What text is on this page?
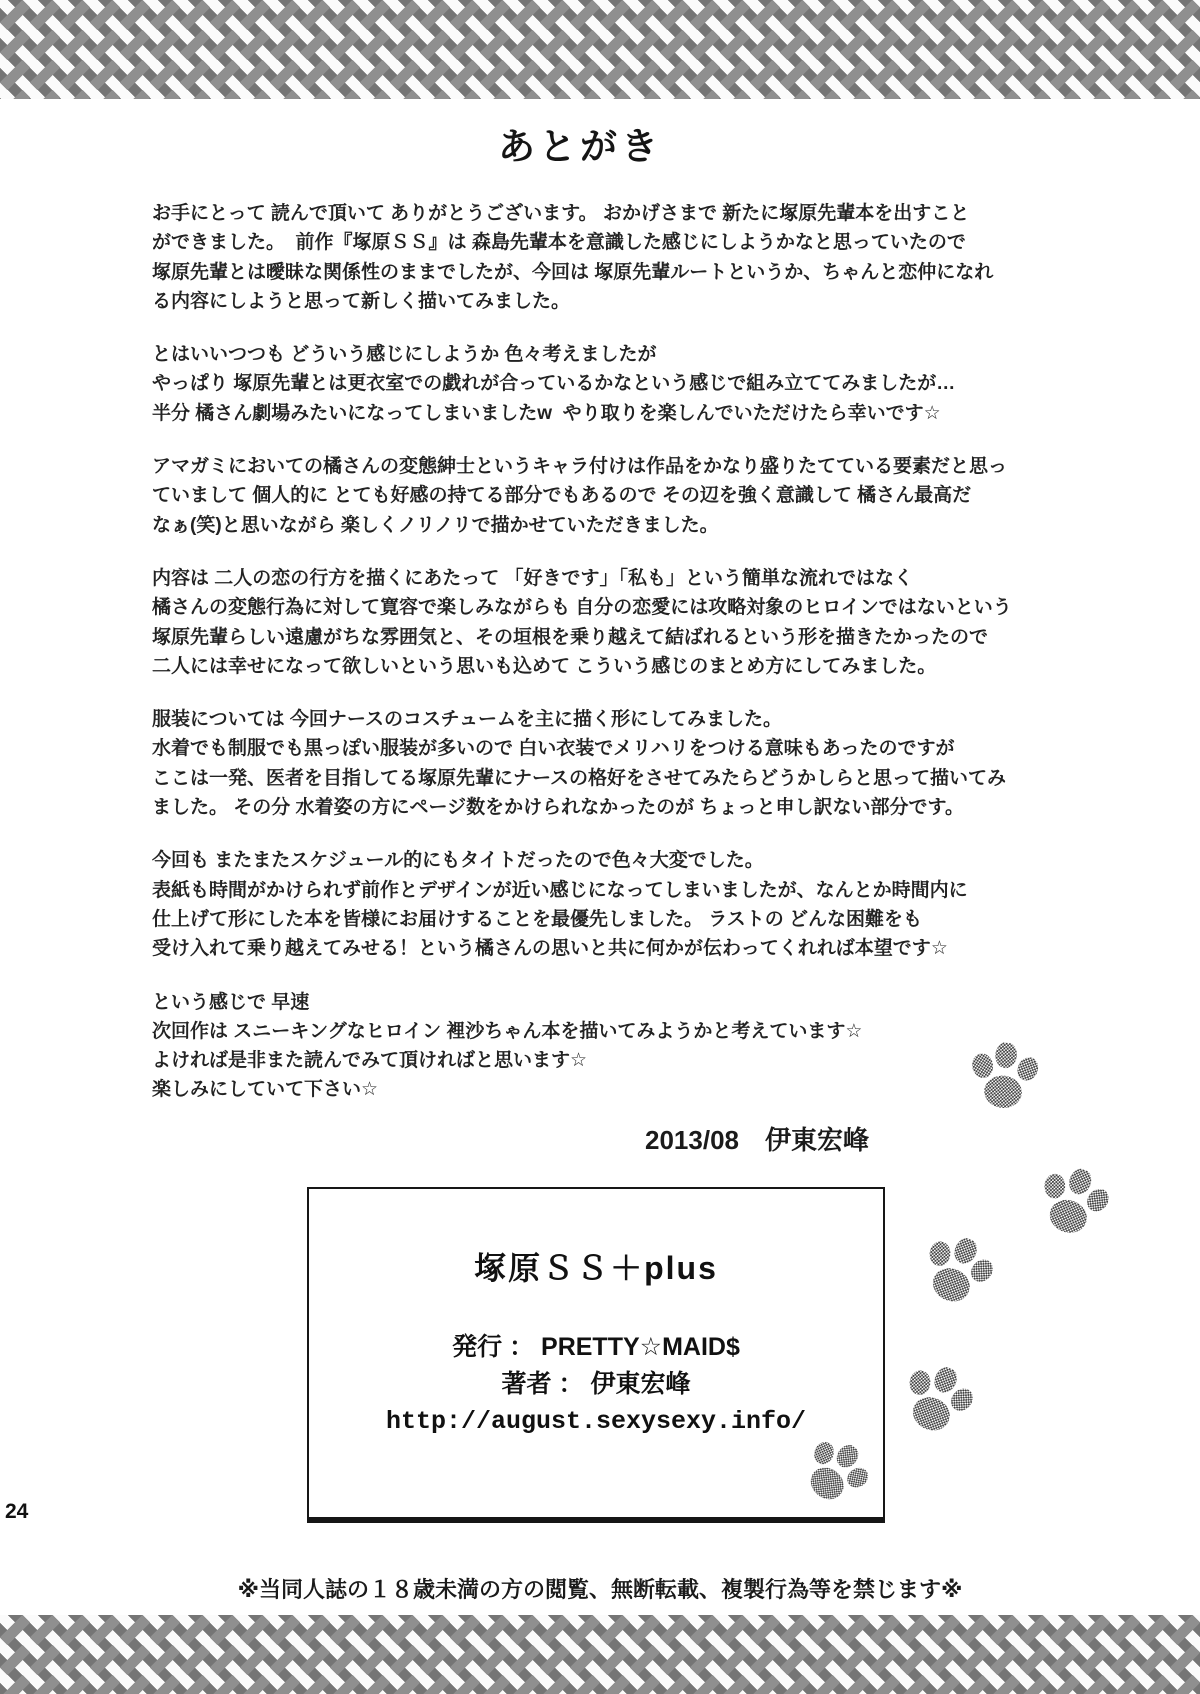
あとがき

お手にとって 読んで頂いて ありがとうございます。 おかげさまで 新たに塚原先輩本を出すこと
ができました。  前作『塚原ＳＳ』は 森島先輩本を意識した感じにしようかなと思っていたので
塚原先輩とは曖昧な関係性のままでしたが、今回は 塚原先輩ルートというか、ちゃんと恋仲になれ
る内容にしようと思って新しく描いてみました。

とはいいつつも どういう感じにしようか 色々考えましたが
やっぱり 塚原先輩とは更衣室での戯れが合っているかなという感じで組み立ててみましたが…
半分 橘さん劇場みたいになってしまいましたw  やり取りを楽しんでいただけたら幸いです☆

アマガミにおいての橘さんの変態紳士というキャラ付けは作品をかなり盛りたてている要素だと思っ
ていまして 個人的に とても好感の持てる部分でもあるので その辺を強く意識して 橘さん最高だ
なぁ(笑)と思いながら 楽しくノリノリで描かせていただきました。

内容は 二人の恋の行方を描くにあたって 「好きです」「私も」という簡単な流れではなく
橘さんの変態行為に対して寛容で楽しみながらも 自分の恋愛には攻略対象のヒロインではないという
塚原先輩らしい遠慮がちな雰囲気と、その垣根を乗り越えて結ばれるという形を描きたかったので
二人には幸せになって欲しいという思いも込めて こういう感じのまとめ方にしてみました。

服装については 今回ナースのコスチュームを主に描く形にしてみました。
水着でも制服でも黒っぽい服装が多いので 白い衣装でメリハリをつける意味もあったのですが
ここは一発、医者を目指してる塚原先輩にナースの格好をさせてみたらどうかしらと思って描いてみ
ました。 その分 水着姿の方にページ数をかけられなかったのが ちょっと申し訳ない部分です。

今回も またまたスケジュール的にもタイトだったので色々大変でした。
表紙も時間がかけられず前作とデザインが近い感じになってしまいましたが、なんとか時間内に
仕上げて形にした本を皆様にお届けすることを最優先しました。 ラストの どんな困難をも
受け入れて乗り越えてみせる！という橘さんの思いと共に何かが伝わってくれれば本望です☆

という感じで 早速
次回作は スニーキングなヒロイン 裡沙ちゃん本を描いてみようかと考えています☆
よければ是非また読んでみて頂ければと思います☆
楽しみにしていて下さい☆

2013/08　伊東宏峰
塚原ＳＳ＋plus
発行 ： PRETTY☆MAID$
著者 ： 伊東宏峰
http://august.sexysexy.info/
24
※当同人誌の１８歳未満の方の閲覧、無断転載、複製行為等を禁じます※
